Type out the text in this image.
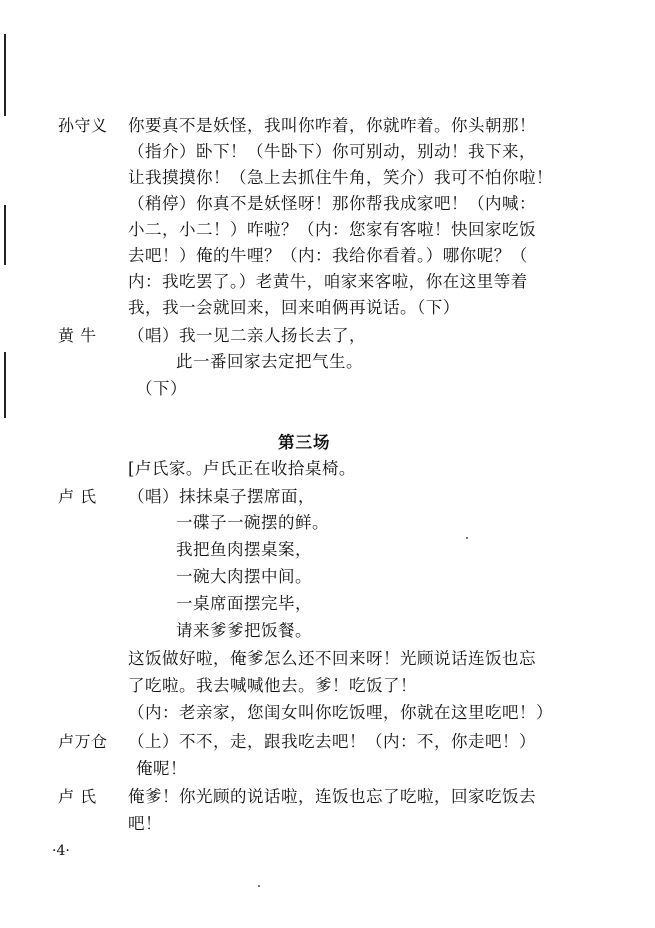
孙守义 你要真不是妖怪，我叫你咋着，你就咋着。你头朝那！
（指介）卧下！（牛卧下）你可别动，别动！我下来，
让我摸摸你！（急上去抓住牛角，笑介）我可不怕你啦！
（稍停）你真不是妖怪呀！那你帮我成家吧！（内喊：
小二，小二！）咋啦？（内：您家有客啦！快回家吃饭
去吧！）俺的牛哩？（内：我给你看着。）哪你呢？（
内：我吃罢了。）老黄牛，咱家来客啦，你在这里等着
我，我一会就回来，回来咱俩再说话。（下）
黄 牛 （唱）我一见二亲人扬长去了，
此一番回家去定把气生。
（下）
第三场
[卢氏家。卢氏正在收拾桌椅。
卢 氏 （唱）抹抹桌子摆席面，
一碟子一碗摆的鲜。
我把鱼肉摆桌案，
一碗大肉摆中间。
一桌席面摆完毕，
请来爹爹把饭餐。
这饭做好啦，俺爹怎么还不回来呀！光顾说话连饭也忘
了吃啦。我去喊喊他去。爹！吃饭了！
（内：老亲家，您闺女叫你吃饭哩，你就在这里吃吧！）
卢万仓 （上）不不，走，跟我吃去吧！（内：不，你走吧！）
俺呢！
卢 氏 俺爹！你光顾的说话啦，连饭也忘了吃啦，回家吃饭去
吧！
·4·
